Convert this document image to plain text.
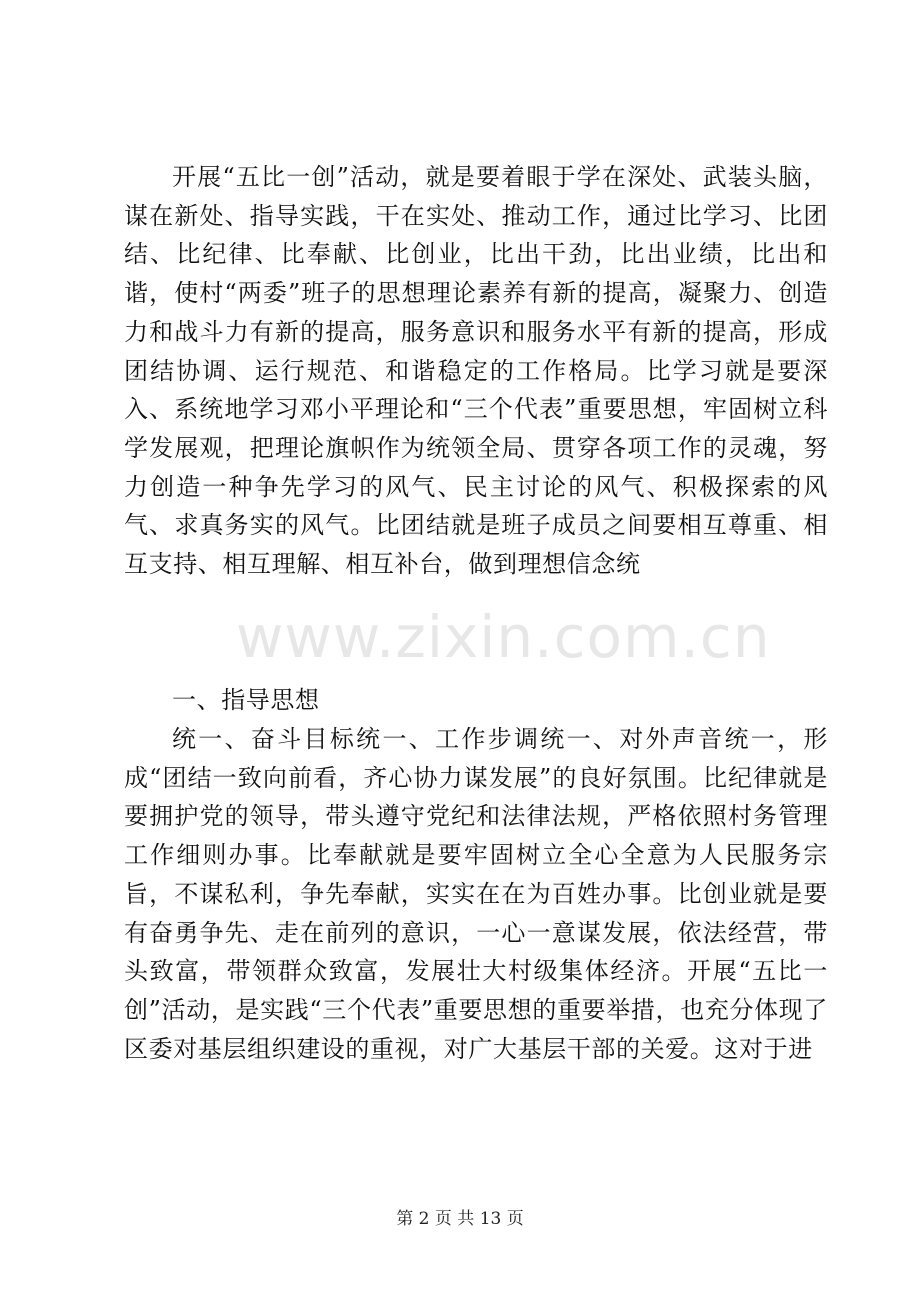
开展“五比一创”活动，就是要着眼于学在深处、武装头脑，谋在新处、指导实践，干在实处、推动工作，通过比学习、比团结、比纪律、比奉献、比创业，比出干劲，比出业绩，比出和谐，使村“两委”班子的思想理论素养有新的提高，凝聚力、创造力和战斗力有新的提高，服务意识和服务水平有新的提高，形成团结协调、运行规范、和谐稳定的工作格局。比学习就是要深入、系统地学习邓小平理论和“三个代表”重要思想，牢固树立科学发展观，把理论旗帜作为统领全局、贯穿各项工作的灵魂，努力创造一种争先学习的风气、民主讨论的风气、积极探索的风气、求真务实的风气。比团结就是班子成员之间要相互尊重、相互支持、相互理解、相互补台，做到理想信念统

www.zixin.com.cn

一、指导思想

统一、奋斗目标统一、工作步调统一、对外声音统一，形成“团结一致向前看，齐心协力谋发展”的良好氛围。比纪律就是要拥护党的领导，带头遵守党纪和法律法规，严格依照村务管理工作细则办事。比奉献就是要牢固树立全心全意为人民服务宗旨，不谋私利，争先奉献，实实在在为百姓办事。比创业就是要有奋勇争先、走在前列的意识，一心一意谋发展，依法经营，带头致富，带领群众致富，发展壮大村级集体经济。开展“五比一创”活动，是实践“三个代表”重要思想的重要举措，也充分体现了区委对基层组织建设的重视，对广大基层干部的关爱。这对于进

第 2 页 共 13 页
